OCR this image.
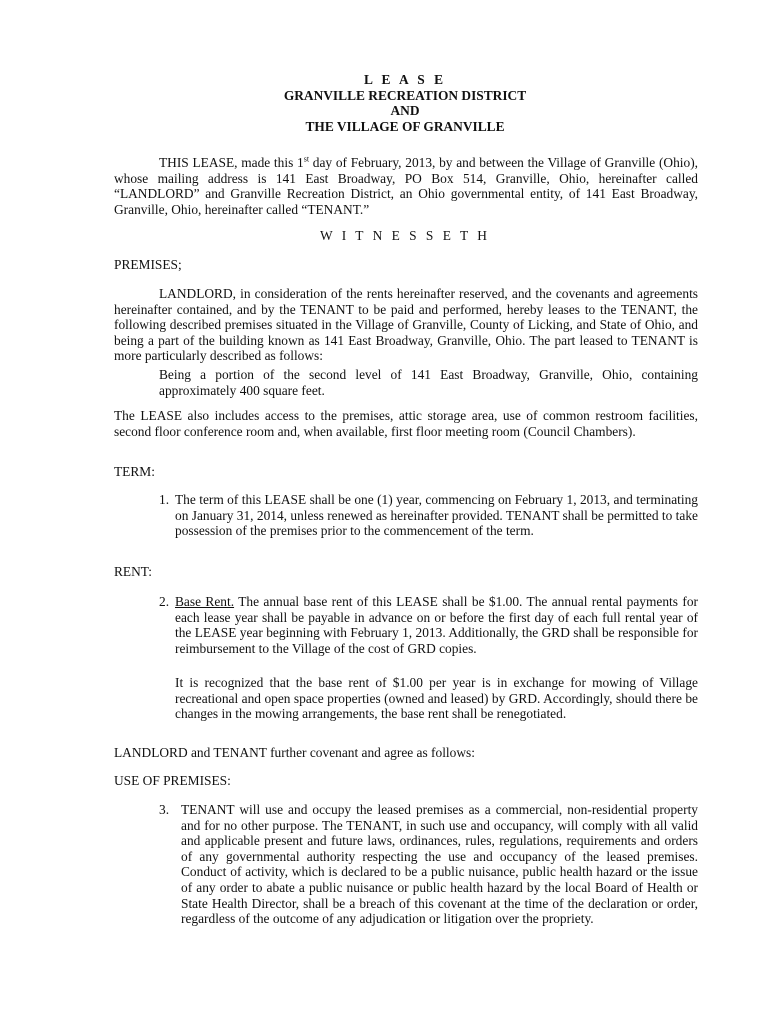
L E A S E
GRANVILLE RECREATION DISTRICT
AND
THE VILLAGE OF GRANVILLE

THIS LEASE, made this 1st day of February, 2013, by and between the Village of Granville (Ohio), whose mailing address is 141 East Broadway, PO Box 514, Granville, Ohio, hereinafter called “LANDLORD” and Granville Recreation District, an Ohio governmental entity, of 141 East Broadway, Granville, Ohio, hereinafter called “TENANT.”

W I T N E S S E T H
PREMISES;

LANDLORD, in consideration of the rents hereinafter reserved, and the covenants and agreements hereinafter contained, and by the TENANT to be paid and performed, hereby leases to the TENANT, the following described premises situated in the Village of Granville, County of Licking, and State of Ohio, and being a part of the building known as 141 East Broadway, Granville, Ohio. The part leased to TENANT is more particularly described as follows:

Being a portion of the second level of 141 East Broadway, Granville, Ohio, containing approximately 400 square feet.
The LEASE also includes access to the premises, attic storage area, use of common restroom facilities, second floor conference room and, when available, first floor meeting room (Council Chambers).
TERM:
1. The term of this LEASE shall be one (1) year, commencing on February 1, 2013, and terminating on January 31, 2014, unless renewed as hereinafter provided. TENANT shall be permitted to take possession of the premises prior to the commencement of the term.
RENT:
2. Base Rent. The annual base rent of this LEASE shall be $1.00. The annual rental payments for each lease year shall be payable in advance on or before the first day of each full rental year of the LEASE year beginning with February 1, 2013. Additionally, the GRD shall be responsible for reimbursement to the Village of the cost of GRD copies.
It is recognized that the base rent of $1.00 per year is in exchange for mowing of Village recreational and open space properties (owned and leased) by GRD. Accordingly, should there be changes in the mowing arrangements, the base rent shall be renegotiated.
LANDLORD and TENANT further covenant and agree as follows:
USE OF PREMISES:
3. TENANT will use and occupy the leased premises as a commercial, non-residential property and for no other purpose. The TENANT, in such use and occupancy, will comply with all valid and applicable present and future laws, ordinances, rules, regulations, requirements and orders of any governmental authority respecting the use and occupancy of the leased premises. Conduct of activity, which is declared to be a public nuisance, public health hazard or the issue of any order to abate a public nuisance or public health hazard by the local Board of Health or State Health Director, shall be a breach of this covenant at the time of the declaration or order, regardless of the outcome of any adjudication or litigation over the propriety.
